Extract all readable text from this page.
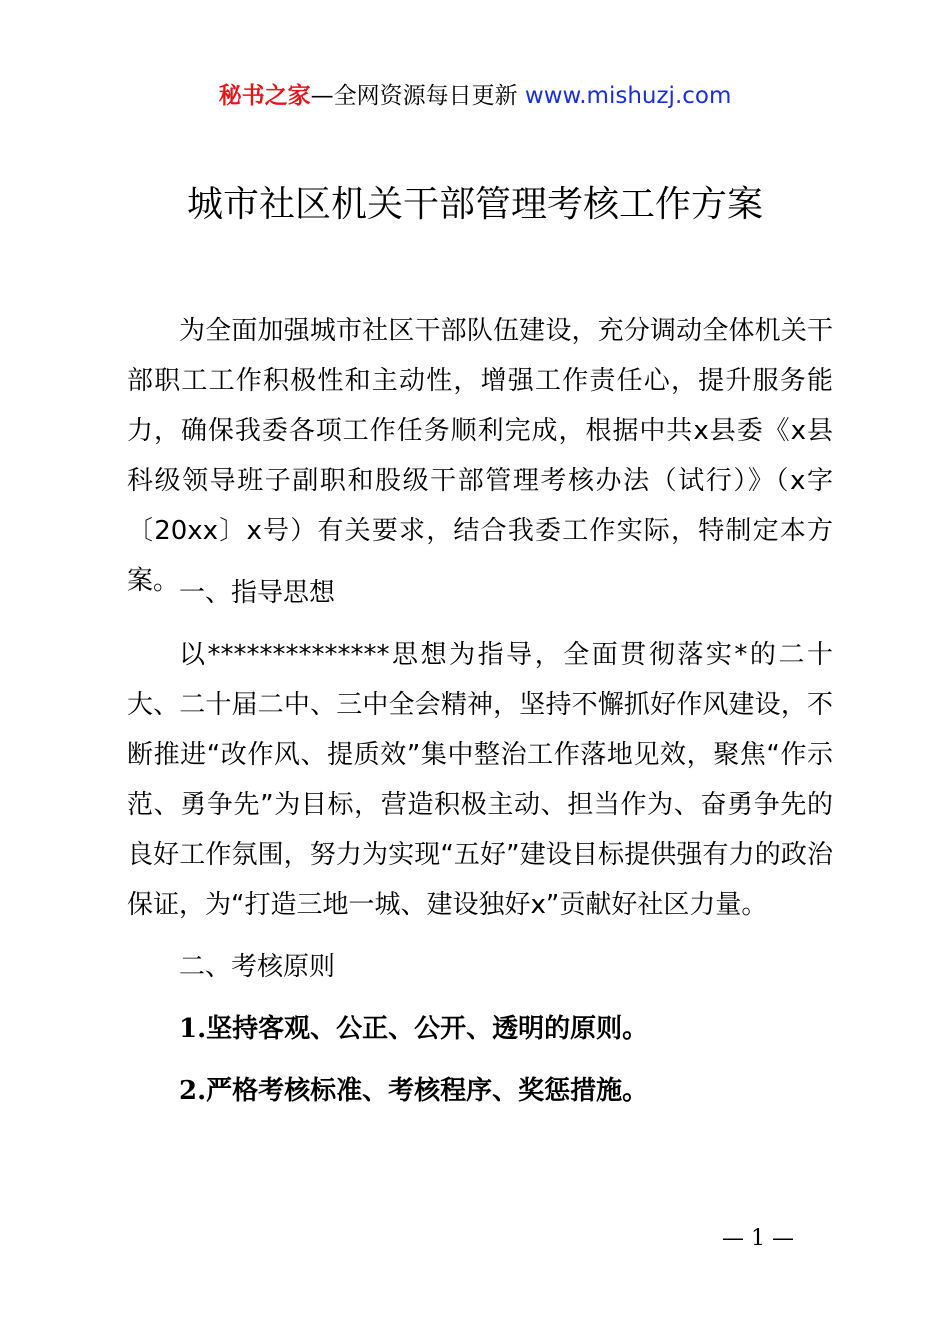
秘书之家—全网资源每日更新 www.mishuzj.com
城市社区机关干部管理考核工作方案

为全面加强城市社区干部队伍建设，充分调动全体机关干部职工工作积极性和主动性，增强工作责任心，提升服务能力，确保我委各项工作任务顺利完成，根据中共x县委《x县科级领导班子副职和股级干部管理考核办法（试行）》（x字〔20xx〕x号）有关要求，结合我委工作实际，特制定本方案。 一、指导思想

以**************思想为指导，全面贯彻落实*的二十大、二十届二中、三中全会精神，坚持不懈抓好作风建设，不断推进“改作风、提质效”集中整治工作落地见效，聚焦“作示范、勇争先”为目标，营造积极主动、担当作为、奋勇争先的良好工作氛围，努力为实现“五好”建设目标提供强有力的政治保证，为“打造三地一城、建设独好x”贡献好社区力量。

二、考核原则

1.坚持客观、公正、公开、透明的原则。

2.严格考核标准、考核程序、奖惩措施。

— 1 —
